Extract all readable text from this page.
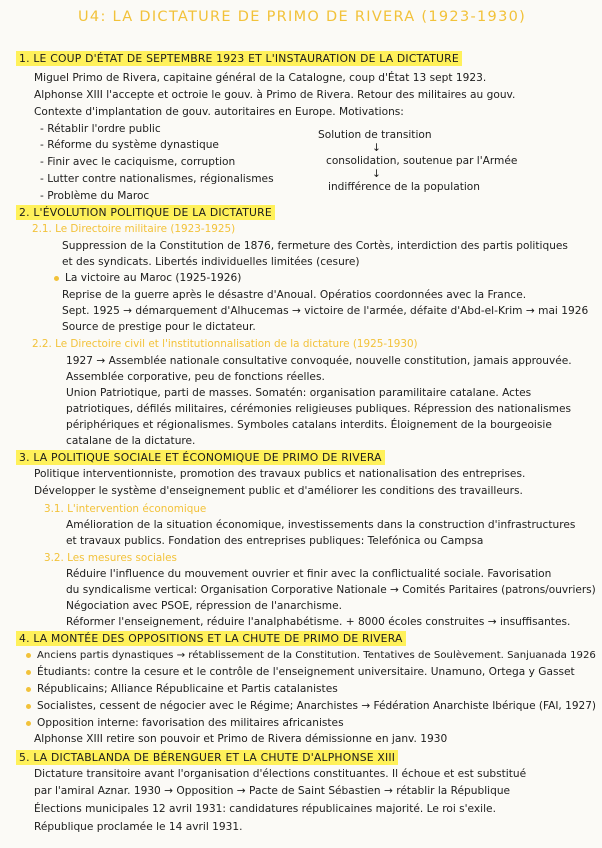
U4: LA DICTATURE DE PRIMO DE RIVERA (1923-1930)
1. LE COUP D'ÉTAT DE SEPTEMBRE 1923 ET L'INSTAURATION DE LA DICTATURE
Miguel Primo de Rivera, capitaine général de la Catalogne, coup d'État 13 sept 1923.
Alphonse XIII l'accepte et octroie le gouv. à Primo de Rivera. Retour des militaires au gouv.
Contexte d'implantation de gouv. autoritaires en Europe. Motivations:
- Rétablir l'ordre public
- Réforme du système dynastique
- Finir avec le caciquisme, corruption
- Lutter contre nationalismes, régionalismes
- Problème du Maroc
Solution de transition
↓
consolidation, soutenue par l'Armée
↓
indifférence de la population
2. L'ÉVOLUTION POLITIQUE DE LA DICTATURE
2.1. Le Directoire militaire (1923-1925)
Suppression de la Constitution de 1876, fermeture des Cortès, interdiction des partis politiques
et des syndicats. Libertés individuelles limitées (cesure)
La victoire au Maroc (1925-1926)
Reprise de la guerre après le désastre d'Anoual. Opératios coordonnées avec la France.
Sept. 1925 → démarquement d'Alhucemas → victoire de l'armée, défaite d'Abd-el-Krim → mai 1926
Source de prestige pour le dictateur.
2.2. Le Directoire civil et l'institutionnalisation de la dictature (1925-1930)
1927 → Assemblée nationale consultative convoquée, nouvelle constitution, jamais approuvée.
Assemblée corporative, peu de fonctions réelles.
Union Patriotique, parti de masses. Somatén: organisation paramilitaire catalane. Actes
patriotiques, défilés militaires, cérémonies religieuses publiques. Répression des nationalismes
périphériques et régionalismes. Symboles catalans interdits. Éloignement de la bourgeoisie
catalane de la dictature.
3. LA POLITIQUE SOCIALE ET ÉCONOMIQUE DE PRIMO DE RIVERA
Politique interventionniste, promotion des travaux publics et nationalisation des entreprises.
Développer le système d'enseignement public et d'améliorer les conditions des travailleurs.
3.1. L'intervention économique
Amélioration de la situation économique, investissements dans la construction d'infrastructures
et travaux publics. Fondation des entreprises publiques: Telefónica ou Campsa
3.2. Les mesures sociales
Réduire l'influence du mouvement ouvrier et finir avec la conflictualité sociale. Favorisation
du syndicalisme vertical: Organisation Corporative Nationale → Comités Paritaires (patrons/ouvriers)
Négociation avec PSOE, répression de l'anarchisme.
Réformer l'enseignement, réduire l'analphabétisme. + 8000 écoles construites → insuffisantes.
4. LA MONTÉE DES OPPOSITIONS ET LA CHUTE DE PRIMO DE RIVERA
Anciens partis dynastiques → rétablissement de la Constitution. Tentatives de Soulèvement. Sanjuanada 1926
Étudiants: contre la cesure et le contrôle de l'enseignement universitaire. Unamuno, Ortega y Gasset
Républicains; Alliance Républicaine et Partis catalanistes
Socialistes, cessent de négocier avec le Régime; Anarchistes → Fédération Anarchiste Ibérique (FAI, 1927)
Opposition interne: favorisation des militaires africanistes
Alphonse XIII retire son pouvoir et Primo de Rivera démissionne en janv. 1930
5. LA DICTABLANDA DE BÉRENGUER ET LA CHUTE D'ALPHONSE XIII
Dictature transitoire avant l'organisation d'élections constituantes. Il échoue et est substitué
par l'amiral Aznar. 1930 → Opposition → Pacte de Saint Sébastien → rétablir la République
Élections municipales 12 avril 1931: candidatures républicaines majorité. Le roi s'exile.
République proclamée le 14 avril 1931.
